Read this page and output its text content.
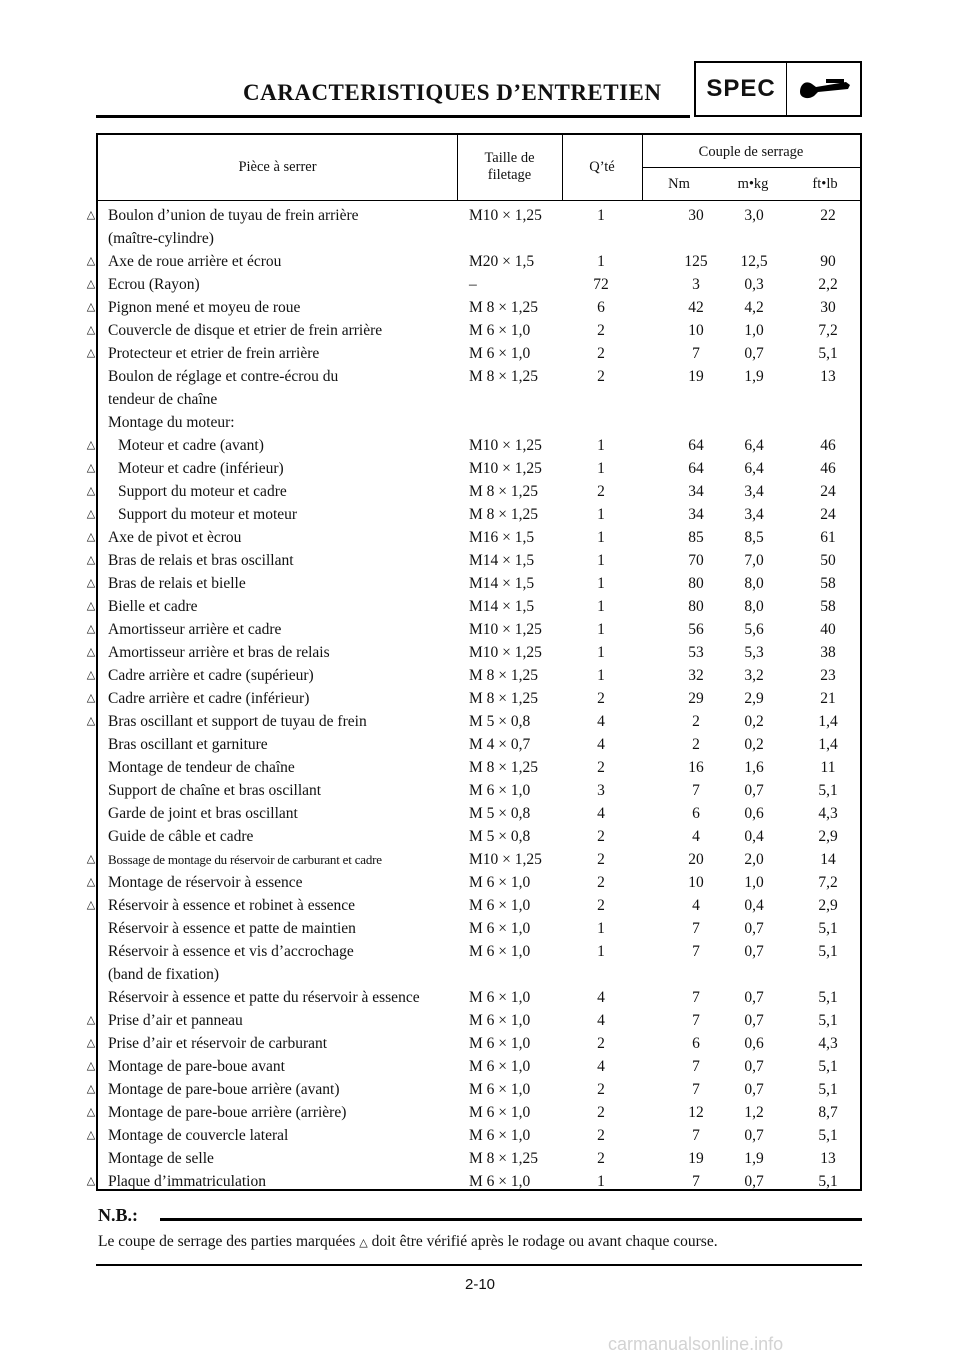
CARACTERISTIQUES D’ENTRETIEN	SPEC
Pièce à serrer
Taille de
filetage	Q’té
Couple de serrage
Nm	m•kg	ft•lb
△ Boulon d’union de tuyau de frein arrière	M10 × 1,25	1	30	3,0	22
(maître-cylindre)
△ Axe de roue arrière et écrou	M20 × 1,5	1	125	12,5	90
△ Ecrou (Rayon)	–	72	3	0,3	2,2
△ Pignon mené et moyeu de roue	M 8 × 1,25	6	42	4,2	30
△ Couvercle de disque et etrier de frein arrière	M 6 × 1,0	2	10	1,0	7,2
△ Protecteur et etrier de frein arrière	M 6 × 1,0	2	7	0,7	5,1
Boulon de réglage et contre-écrou du	M 8 × 1,25	2	19	1,9	13
tendeur de chaîne
Montage du moteur:
△ Moteur et cadre (avant)	M10 × 1,25	1	64	6,4	46
△ Moteur et cadre (inférieur)	M10 × 1,25	1	64	6,4	46
△ Support du moteur et cadre	M 8 × 1,25	2	34	3,4	24
△ Support du moteur et moteur	M 8 × 1,25	1	34	3,4	24
△ Axe de pivot et ècrou	M16 × 1,5	1	85	8,5	61
△ Bras de relais et bras oscillant	M14 × 1,5	1	70	7,0	50
△ Bras de relais et bielle	M14 × 1,5	1	80	8,0	58
△ Bielle et cadre	M14 × 1,5	1	80	8,0	58
△ Amortisseur arrière et cadre	M10 × 1,25	1	56	5,6	40
△ Amortisseur arrière et bras de relais	M10 × 1,25	1	53	5,3	38
△ Cadre arrière et cadre (supérieur)	M 8 × 1,25	1	32	3,2	23
△ Cadre arrière et cadre (inférieur)	M 8 × 1,25	2	29	2,9	21
△ Bras oscillant et support de tuyau de frein	M 5 × 0,8	4	2	0,2	1,4
Bras oscillant et garniture	M 4 × 0,7	4	2	0,2	1,4
Montage de tendeur de chaîne	M 8 × 1,25	2	16	1,6	11
Support de chaîne et bras oscillant	M 6 × 1,0	3	7	0,7	5,1
Garde de joint et bras oscillant	M 5 × 0,8	4	6	0,6	4,3
Guide de câble et cadre	M 5 × 0,8	2	4	0,4	2,9
△ Bossage de montage du réservoir de carburant et cadre	M10 × 1,25	2	20	2,0	14
△ Montage de réservoir à essence	M 6 × 1,0	2	10	1,0	7,2
△ Réservoir à essence et robinet à essence	M 6 × 1,0	2	4	0,4	2,9
Réservoir à essence et patte de maintien	M 6 × 1,0	1	7	0,7	5,1
Réservoir à essence et vis d’accrochage	M 6 × 1,0	1	7	0,7	5,1
(band de fixation)
Réservoir à essence et patte du réservoir à essence	M 6 × 1,0	4	7	0,7	5,1
△ Prise d’air et panneau	M 6 × 1,0	4	7	0,7	5,1
△ Prise d’air et réservoir de carburant	M 6 × 1,0	2	6	0,6	4,3
△ Montage de pare-boue avant	M 6 × 1,0	4	7	0,7	5,1
△ Montage de pare-boue arrière (avant)	M 6 × 1,0	2	7	0,7	5,1
△ Montage de pare-boue arrière (arrière)	M 6 × 1,0	2	12	1,2	8,7
△ Montage de couvercle lateral	M 6 × 1,0	2	7	0,7	5,1
Montage de selle	M 8 × 1,25	2	19	1,9	13
△ Plaque d’immatriculation	M 6 × 1,0	1	7	0,7	5,1
N.B.:
Le coupe de serrage des parties marquées △ doit être vérifié après le rodage ou avant chaque course.
2-10
carmanualsonline.info
